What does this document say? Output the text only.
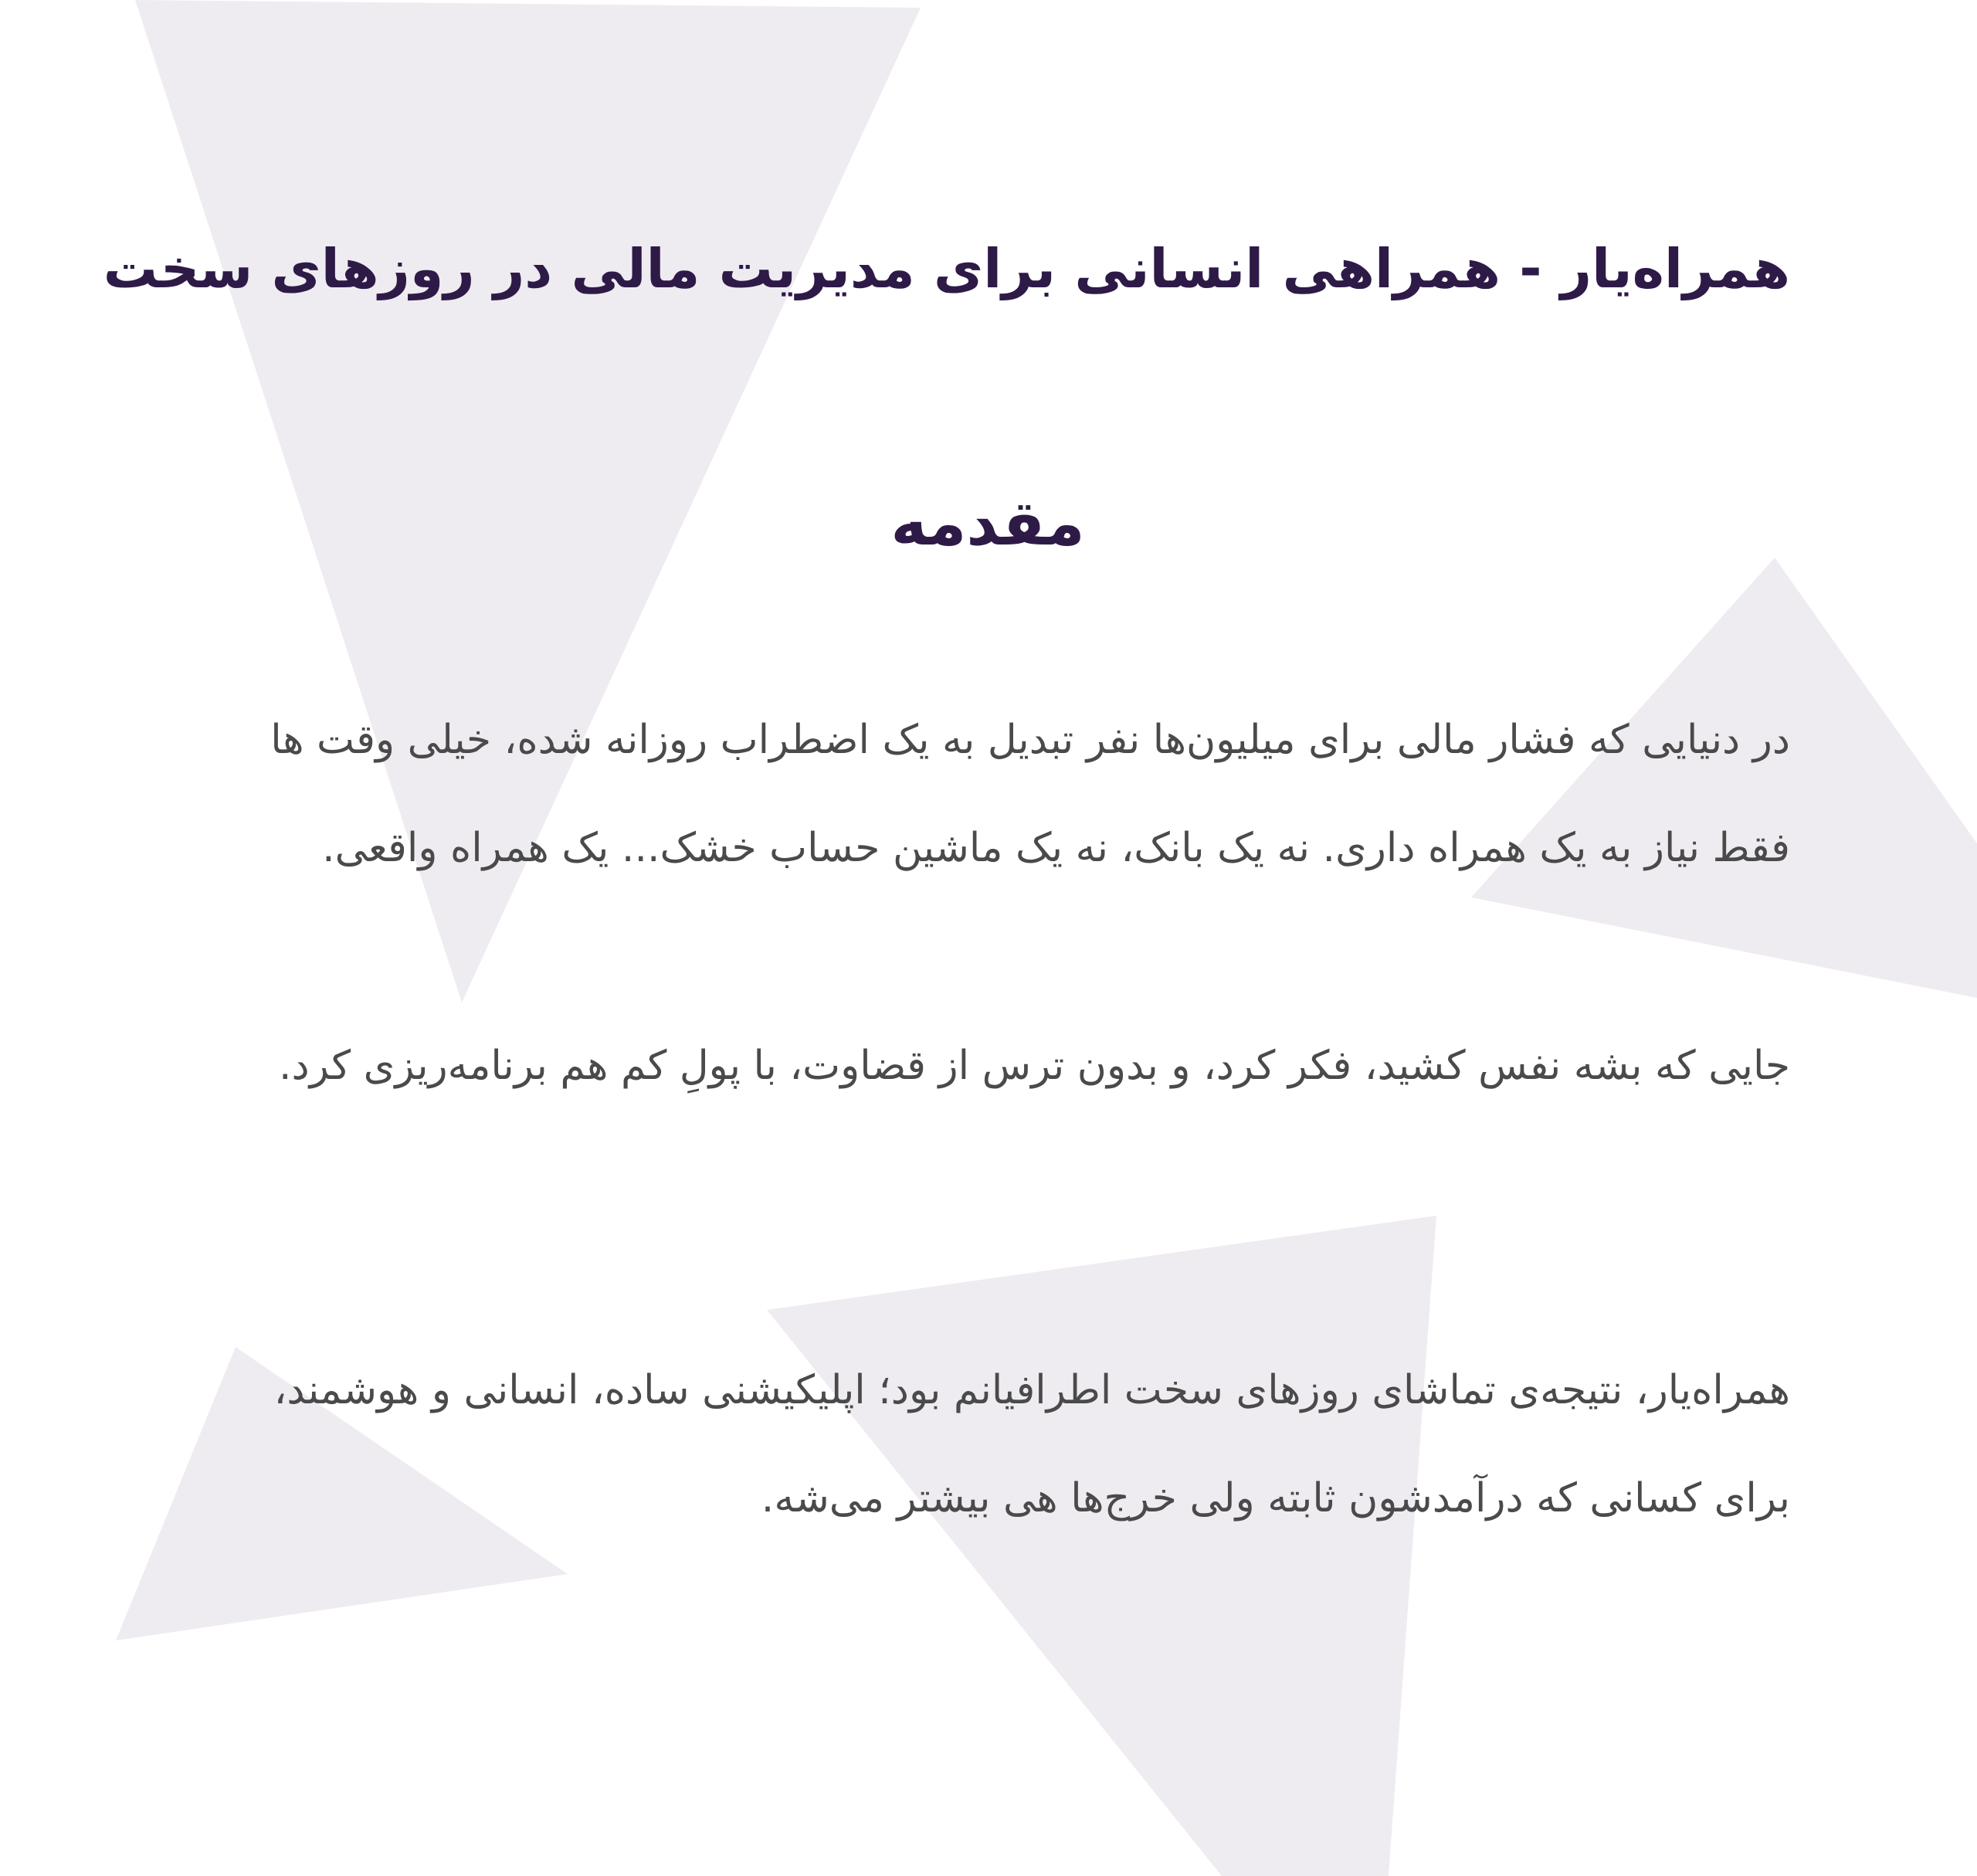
همراه‌یار - همراهی انسانی برای مدیریت مالی در روزهای سخت
مقدمه

در دنیایی که فشار مالی برای میلیون‌ها نفر تبدیل به یک اضطراب روزانه شده، خیلی وقت ها فقط نیاز به یک همراه داری. نه یک بانک، نه یک ماشین حساب خشک... یک همراه واقعی.

جایی که بشه نفس کشید، فکر کرد، و بدون ترس از قضاوت، با پولِ کم هم برنامه‌ریزی کرد.

همراه‌یار، نتیجه‌ی تماشای روزهای سخت اطرافیانم بود؛ اپلیکیشنی ساده، انسانی و هوشمند، برای کسانی که درآمدشون ثابته ولی خرج‌ها هی بیشتر می‌شه.
